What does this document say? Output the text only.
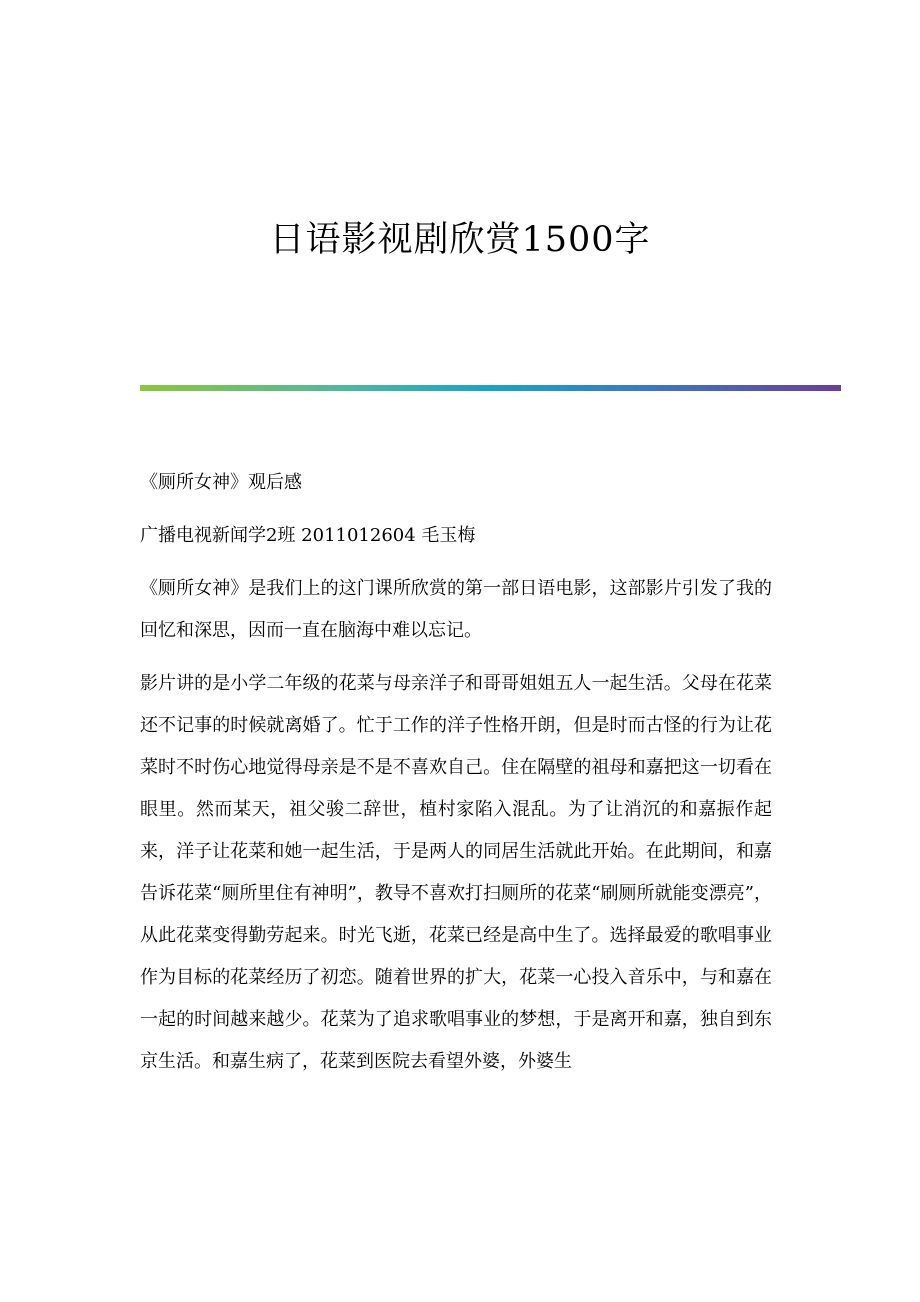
日语影视剧欣赏1500字

《厕所女神》观后感

广播电视新闻学2班 2011012604 毛玉梅

《厕所女神》是我们上的这门课所欣赏的第一部日语电影，这部影片引发了我的回忆和深思，因而一直在脑海中难以忘记。

影片讲的是小学二年级的花菜与母亲洋子和哥哥姐姐五人一起生活。父母在花菜还不记事的时候就离婚了。忙于工作的洋子性格开朗，但是时而古怪的行为让花菜时不时伤心地觉得母亲是不是不喜欢自己。住在隔壁的祖母和嘉把这一切看在眼里。然而某天，祖父骏二辞世，植村家陷入混乱。为了让消沉的和嘉振作起来，洋子让花菜和她一起生活，于是两人的同居生活就此开始。在此期间，和嘉告诉花菜“厕所里住有神明”，教导不喜欢打扫厕所的花菜“刷厕所就能变漂亮”，从此花菜变得勤劳起来。时光飞逝，花菜已经是高中生了。选择最爱的歌唱事业作为目标的花菜经历了初恋。随着世界的扩大，花菜一心投入音乐中，与和嘉在一起的时间越来越少。花菜为了追求歌唱事业的梦想，于是离开和嘉，独自到东京生活。和嘉生病了，花菜到医院去看望外婆，外婆生
